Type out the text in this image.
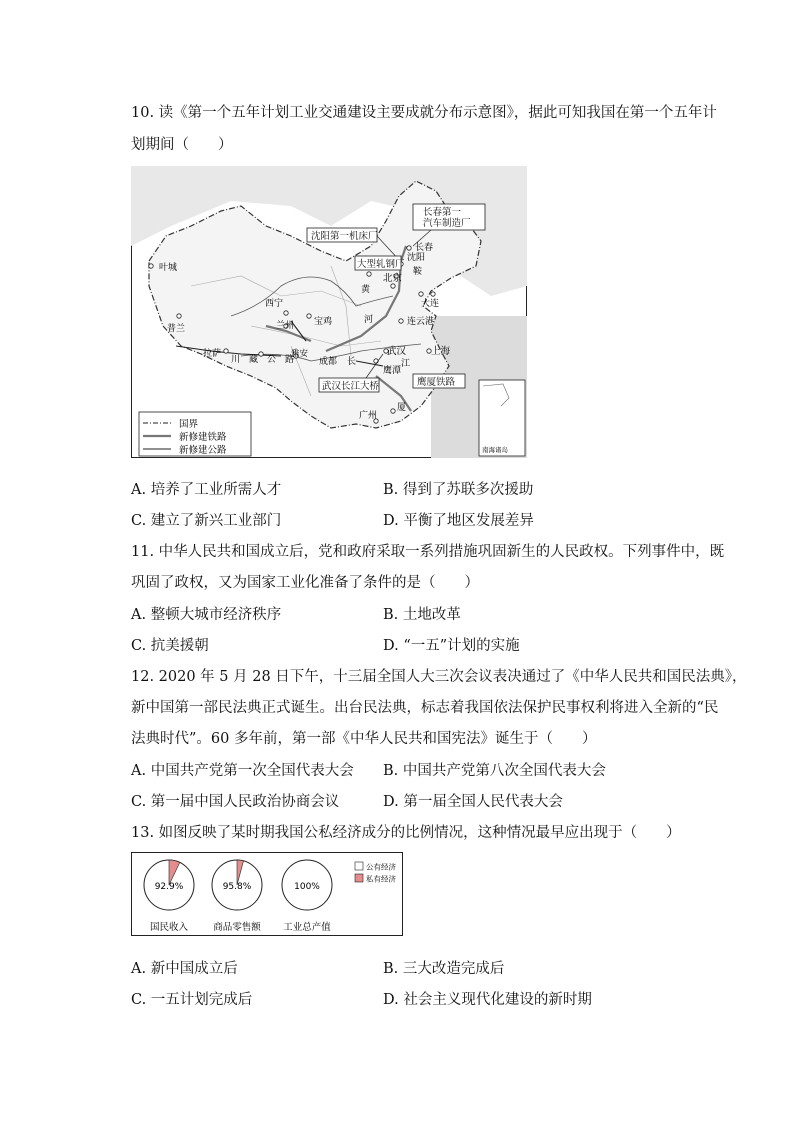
10. 读《第一个五年计划工业交通建设主要成就分布示意图》，据此可知我国在第一个五年计
划期间（　　）
长春第一
汽车制造厂
沈阳第一机床厂
大型轧钢厂
武汉长江大桥	鹰厦铁路
北京
沈阳
长春
鞍
大连
叶城
西宁
兰州 宝鸡	连云港
普兰
拉萨	雅安
成都
武汉	上海
鹰潭
厦
广州
黄
河
长	江
川　藏　公　路
国界
新修建铁路
新修建公路	南海诸岛
A. 培养了工业所需人才	B. 得到了苏联多次援助
C. 建立了新兴工业部门	D. 平衡了地区发展差异
11. 中华人民共和国成立后，党和政府采取一系列措施巩固新生的人民政权。下列事件中，既
巩固了政权，又为国家工业化准备了条件的是（　　）
A. 整顿大城市经济秩序	B. 土地改革
C. 抗美援朝	D. “一五”计划的实施
12. 2020 年 5 月 28 日下午，十三届全国人大三次会议表决通过了《中华人民共和国民法典》，
新中国第一部民法典正式诞生。出台民法典，标志着我国依法保护民事权利将进入全新的“民
法典时代”。60 多年前，第一部《中华人民共和国宪法》诞生于（　　）
A. 中国共产党第一次全国代表大会 B. 中国共产党第八次全国代表大会
C. 第一届中国人民政治协商会议	D. 第一届全国人民代表大会
13. 如图反映了某时期我国公私经济成分的比例情况，这种情况最早应出现于（　　）
92.9%
国民收入
95.8%
商品零售额
100%
工业总产值
公有经济
私有经济
A. 新中国成立后	B. 三大改造完成后
C. 一五计划完成后	D. 社会主义现代化建设的新时期
